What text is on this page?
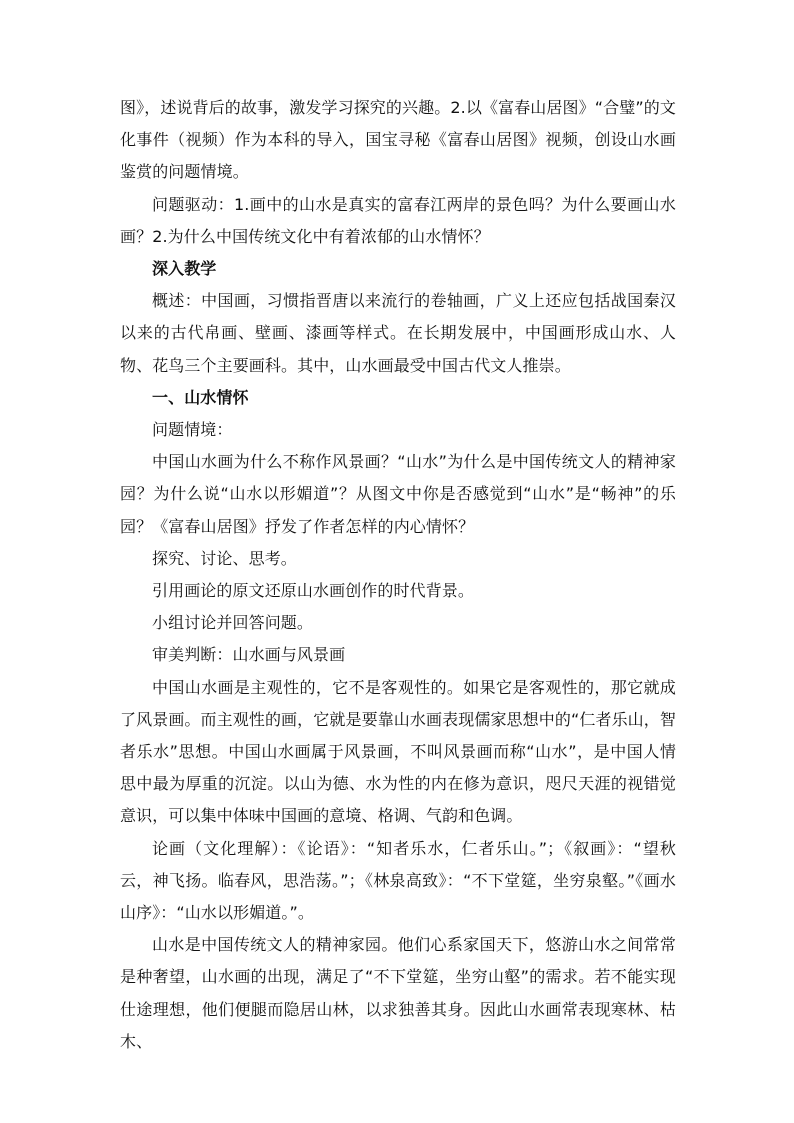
图》，述说背后的故事，激发学习探究的兴趣。2.以《富春山居图》“合璧”的文化事件（视频）作为本科的导入，国宝寻秘《富春山居图》视频，创设山水画鉴赏的问题情境。

问题驱动：1.画中的山水是真实的富春江两岸的景色吗？为什么要画山水画？2.为什么中国传统文化中有着浓郁的山水情怀？

深入教学

概述：中国画，习惯指晋唐以来流行的卷轴画，广义上还应包括战国秦汉以来的古代帛画、壁画、漆画等样式。在长期发展中，中国画形成山水、人物、花鸟三个主要画科。其中，山水画最受中国古代文人推崇。

一、山水情怀

问题情境：

中国山水画为什么不称作风景画？“山水”为什么是中国传统文人的精神家园？为什么说“山水以形媚道”？从图文中你是否感觉到“山水”是“畅神”的乐园？《富春山居图》抒发了作者怎样的内心情怀？

探究、讨论、思考。

引用画论的原文还原山水画创作的时代背景。

小组讨论并回答问题。

审美判断：山水画与风景画

中国山水画是主观性的，它不是客观性的。如果它是客观性的，那它就成了风景画。而主观性的画，它就是要靠山水画表现儒家思想中的“仁者乐山，智者乐水”思想。中国山水画属于风景画，不叫风景画而称“山水”，是中国人情思中最为厚重的沉淀。以山为德、水为性的内在修为意识，咫尺天涯的视错觉意识，可以集中体味中国画的意境、格调、气韵和色调。

论画（文化理解）：《论语》：“知者乐水，仁者乐山。”；《叙画》：“望秋云，神飞扬。临春风，思浩荡。”；《林泉高致》：“不下堂筵，坐穷泉壑。”《画水山序》：“山水以形媚道。”。

山水是中国传统文人的精神家园。他们心系家国天下，悠游山水之间常常是种奢望，山水画的出现，满足了“不下堂筵，坐穷山壑”的需求。若不能实现仕途理想，他们便腿而隐居山林，以求独善其身。因此山水画常表现寒林、枯木、
